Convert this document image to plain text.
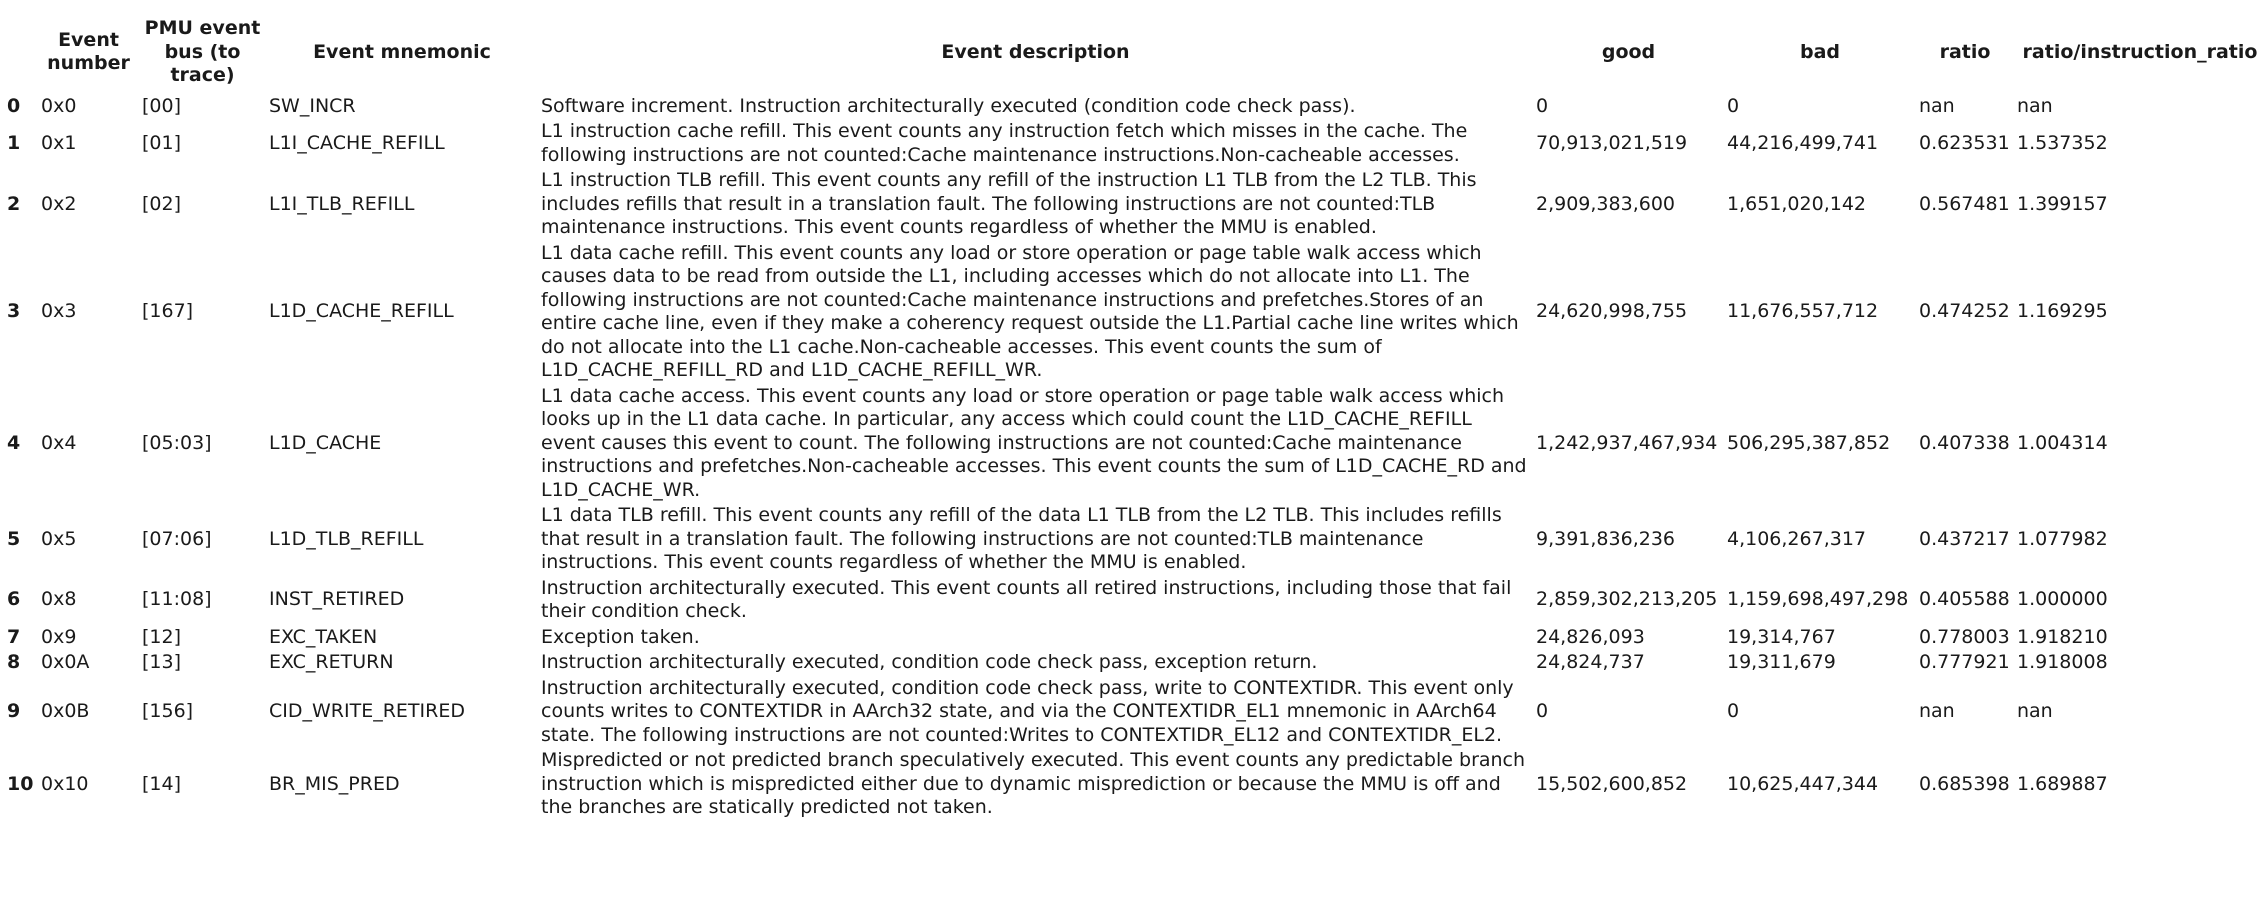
	Event number	PMU event bus (to trace)	Event mnemonic	Event description	good	bad	ratio	ratio/instruction_ratio
0	0x0	[00]	SW_INCR	Software increment. Instruction architecturally executed (condition code check pass).	0	0	nan	nan
1	0x1	[01]	L1I_CACHE_REFILL	L1 instruction cache refill. This event counts any instruction fetch which misses in the cache. The following instructions are not counted:Cache maintenance instructions.Non-cacheable accesses.	70,913,021,519	44,216,499,741	0.623531	1.537352
2	0x2	[02]	L1I_TLB_REFILL	L1 instruction TLB refill. This event counts any refill of the instruction L1 TLB from the L2 TLB. This includes refills that result in a translation fault. The following instructions are not counted:TLB maintenance instructions. This event counts regardless of whether the MMU is enabled.	2,909,383,600	1,651,020,142	0.567481	1.399157
3	0x3	[167]	L1D_CACHE_REFILL	L1 data cache refill. This event counts any load or store operation or page table walk access which causes data to be read from outside the L1, including accesses which do not allocate into L1. The following instructions are not counted:Cache maintenance instructions and prefetches.Stores of an entire cache line, even if they make a coherency request outside the L1.Partial cache line writes which do not allocate into the L1 cache.Non-cacheable accesses. This event counts the sum of L1D_CACHE_REFILL_RD and L1D_CACHE_REFILL_WR.	24,620,998,755	11,676,557,712	0.474252	1.169295
4	0x4	[05:03]	L1D_CACHE	L1 data cache access. This event counts any load or store operation or page table walk access which looks up in the L1 data cache. In particular, any access which could count the L1D_CACHE_REFILL event causes this event to count. The following instructions are not counted:Cache maintenance instructions and prefetches.Non-cacheable accesses. This event counts the sum of L1D_CACHE_RD and L1D_CACHE_WR.	1,242,937,467,934	506,295,387,852	0.407338	1.004314
5	0x5	[07:06]	L1D_TLB_REFILL	L1 data TLB refill. This event counts any refill of the data L1 TLB from the L2 TLB. This includes refills that result in a translation fault. The following instructions are not counted:TLB maintenance instructions. This event counts regardless of whether the MMU is enabled.	9,391,836,236	4,106,267,317	0.437217	1.077982
6	0x8	[11:08]	INST_RETIRED	Instruction architecturally executed. This event counts all retired instructions, including those that fail their condition check.	2,859,302,213,205	1,159,698,497,298	0.405588	1.000000
7	0x9	[12]	EXC_TAKEN	Exception taken.	24,826,093	19,314,767	0.778003	1.918210
8	0x0A	[13]	EXC_RETURN	Instruction architecturally executed, condition code check pass, exception return.	24,824,737	19,311,679	0.777921	1.918008
9	0x0B	[156]	CID_WRITE_RETIRED	Instruction architecturally executed, condition code check pass, write to CONTEXTIDR. This event only counts writes to CONTEXTIDR in AArch32 state, and via the CONTEXTIDR_EL1 mnemonic in AArch64 state. The following instructions are not counted:Writes to CONTEXTIDR_EL12 and CONTEXTIDR_EL2.	0	0	nan	nan
10	0x10	[14]	BR_MIS_PRED	Mispredicted or not predicted branch speculatively executed. This event counts any predictable branch instruction which is mispredicted either due to dynamic misprediction or because the MMU is off and the branches are statically predicted not taken.	15,502,600,852	10,625,447,344	0.685398	1.689887
